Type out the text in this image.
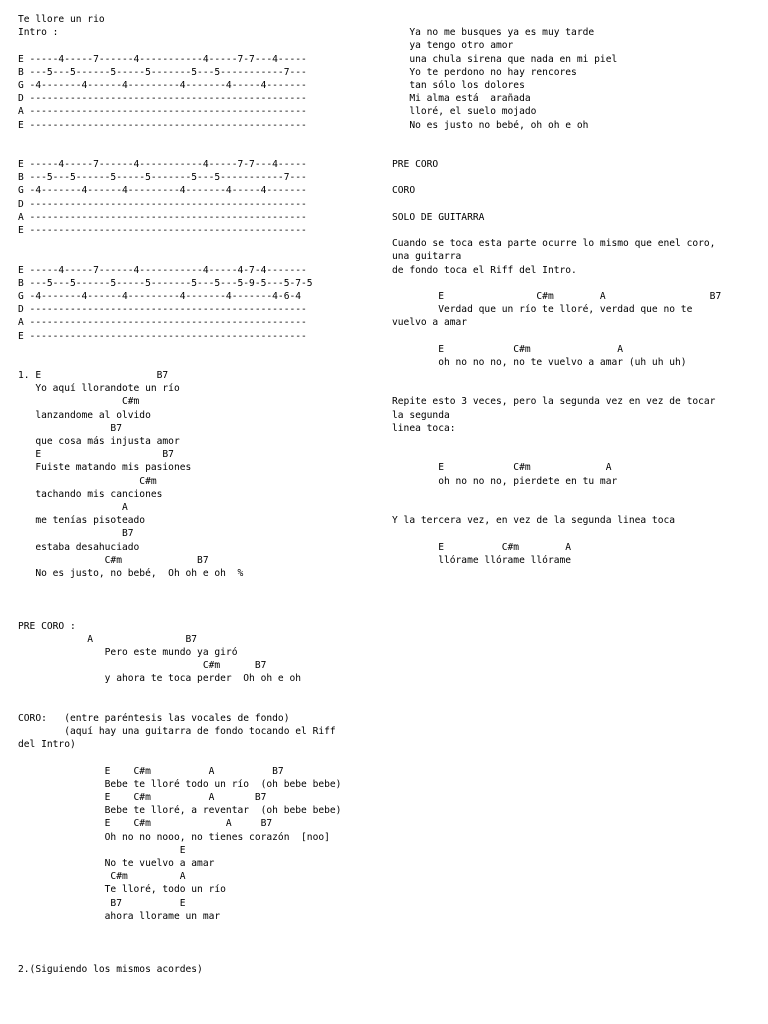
Te llore un rio
Intro :
E -----4-----7------4-----------4-----7-7---4-----
B ---5---5------5-----5-------5---5-----------7---
G -4-------4------4---------4-------4-----4-------
D ------------------------------------------------
A ------------------------------------------------
E ------------------------------------------------
E -----4-----7------4-----------4-----7-7---4-----
B ---5---5------5-----5-------5---5-----------7---
G -4-------4------4---------4-------4-----4-------
D ------------------------------------------------
A ------------------------------------------------
E ------------------------------------------------
E -----4-----7------4-----------4-----4-7-4-------
B ---5---5------5-----5-------5---5---5-9-5---5-7-5
G -4-------4------4---------4-------4-------4-6-4
D ------------------------------------------------
A ------------------------------------------------
E ------------------------------------------------
1. E                    B7
Yo aquí llorandote un río
C#m
lanzandome al olvido
B7
que cosa más injusta amor
E                     B7
Fuiste matando mis pasiones
C#m
tachando mis canciones
A
me tenías pisoteado
B7
estaba desahuciado
C#m             B7
No es justo, no bebé,  Oh oh e oh  %
PRE CORO :
A                B7
Pero este mundo ya giró
C#m      B7
y ahora te toca perder  Oh oh e oh
CORO:   (entre paréntesis las vocales de fondo)
(aquí hay una guitarra de fondo tocando el Riff
del Intro)
E    C#m          A          B7
Bebe te lloré todo un río  (oh bebe bebe)
E    C#m          A       B7
Bebe te lloré, a reventar  (oh bebe bebe)
E    C#m             A     B7
Oh no no nooo, no tienes corazón  [noo]
E
No te vuelvo a amar
C#m         A
Te lloré, todo un río
B7          E
ahora llorame un mar
2.(Siguiendo los mismos acordes)
Ya no me busques ya es muy tarde
ya tengo otro amor
una chula sirena que nada en mi piel
Yo te perdono no hay rencores
tan sólo los dolores
Mi alma está  arañada
lloré, el suelo mojado
No es justo no bebé, oh oh e oh
PRE CORO
CORO
SOLO DE GUITARRA
Cuando se toca esta parte ocurre lo mismo que enel coro,
una guitarra
de fondo toca el Riff del Intro.
E                C#m        A                  B7
Verdad que un río te lloré, verdad que no te
vuelvo a amar
E            C#m               A
oh no no no, no te vuelvo a amar (uh uh uh)
Repite esto 3 veces, pero la segunda vez en vez de tocar
la segunda
linea toca:
E            C#m             A
oh no no no, pierdete en tu mar
Y la tercera vez, en vez de la segunda linea toca
E          C#m        A
llórame llórame llórame
